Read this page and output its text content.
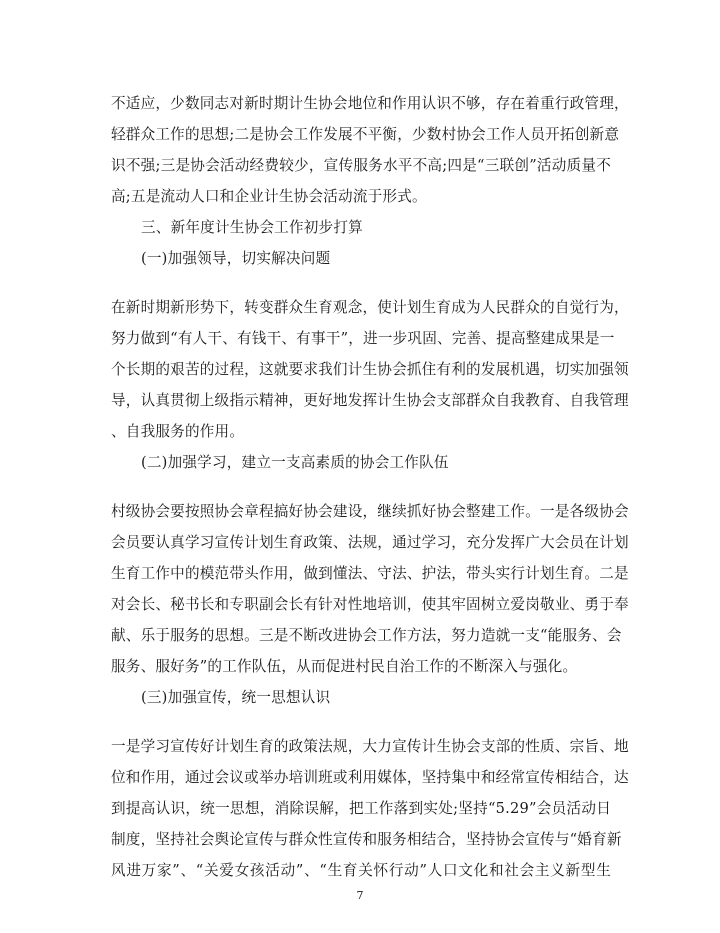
不适应，少数同志对新时期计生协会地位和作用认识不够，存在着重行政管理，
轻群众工作的思想;二是协会工作发展不平衡，少数村协会工作人员开拓创新意
识不强;三是协会活动经费较少，宣传服务水平不高;四是“三联创”活动质量不
高;五是流动人口和企业计生协会活动流于形式。
三、新年度计生协会工作初步打算
(一)加强领导，切实解决问题
在新时期新形势下，转变群众生育观念，使计划生育成为人民群众的自觉行为，
努力做到“有人干、有钱干、有事干”，进一步巩固、完善、提高整建成果是一
个长期的艰苦的过程，这就要求我们计生协会抓住有利的发展机遇，切实加强领
导，认真贯彻上级指示精神，更好地发挥计生协会支部群众自我教育、自我管理
、自我服务的作用。
(二)加强学习，建立一支高素质的协会工作队伍
村级协会要按照协会章程搞好协会建设，继续抓好协会整建工作。一是各级协会
会员要认真学习宣传计划生育政策、法规，通过学习，充分发挥广大会员在计划
生育工作中的模范带头作用，做到懂法、守法、护法，带头实行计划生育。二是
对会长、秘书长和专职副会长有针对性地培训，使其牢固树立爱岗敬业、勇于奉
献、乐于服务的思想。三是不断改进协会工作方法，努力造就一支“能服务、会
服务、服好务”的工作队伍，从而促进村民自治工作的不断深入与强化。
(三)加强宣传，统一思想认识
一是学习宣传好计划生育的政策法规，大力宣传计生协会支部的性质、宗旨、地
位和作用，通过会议或举办培训班或利用媒体，坚持集中和经常宣传相结合，达
到提高认识，统一思想，消除误解，把工作落到实处;坚持“5.29”会员活动日
制度，坚持社会舆论宣传与群众性宣传和服务相结合，坚持协会宣传与“婚育新
风进万家”、“关爱女孩活动”、“生育关怀行动”人口文化和社会主义新型生
7
